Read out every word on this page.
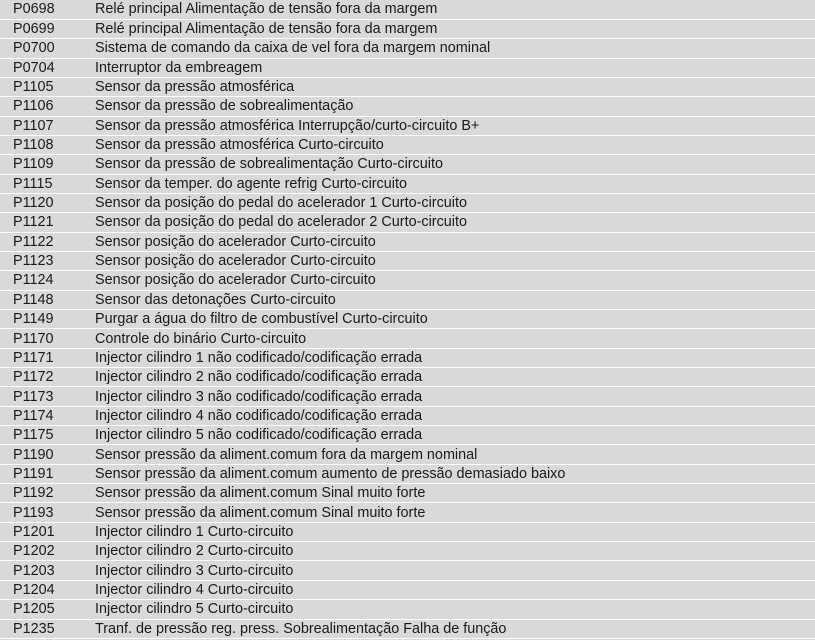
P0698	Relé principal Alimentação de tensão fora da margem
P0699	Relé principal Alimentação de tensão fora da margem
P0700	Sistema de comando da caixa de vel fora da margem nominal
P0704	Interruptor da embreagem
P1105	Sensor da pressão atmosférica
P1106	Sensor da pressão de sobrealimentação
P1107	Sensor da pressão atmosférica Interrupção/curto-circuito B+
P1108	Sensor da pressão atmosférica Curto-circuito
P1109	Sensor da pressão de sobrealimentação Curto-circuito
P1115	Sensor da temper. do agente refrig Curto-circuito
P1120	Sensor da posição do pedal do acelerador 1 Curto-circuito
P1121	Sensor da posição do pedal do acelerador 2 Curto-circuito
P1122	Sensor posição do acelerador Curto-circuito
P1123	Sensor posição do acelerador Curto-circuito
P1124	Sensor posição do acelerador Curto-circuito
P1148	Sensor das detonações Curto-circuito
P1149	Purgar a água do filtro de combustível Curto-circuito
P1170	Controle do binário Curto-circuito
P1171	Injector cilindro 1 não codificado/codificação errada
P1172	Injector cilindro 2 não codificado/codificação errada
P1173	Injector cilindro 3 não codificado/codificação errada
P1174	Injector cilindro 4 não codificado/codificação errada
P1175	Injector cilindro 5 não codificado/codificação errada
P1190	Sensor pressão da aliment.comum fora da margem nominal
P1191	Sensor pressão da aliment.comum aumento de pressão demasiado baixo
P1192	Sensor pressão da aliment.comum Sinal muito forte
P1193	Sensor pressão da aliment.comum Sinal muito forte
P1201	Injector cilindro 1 Curto-circuito
P1202	Injector cilindro 2 Curto-circuito
P1203	Injector cilindro 3 Curto-circuito
P1204	Injector cilindro 4 Curto-circuito
P1205	Injector cilindro 5 Curto-circuito
P1235	Tranf. de pressão reg. press. Sobrealimentação Falha de função
